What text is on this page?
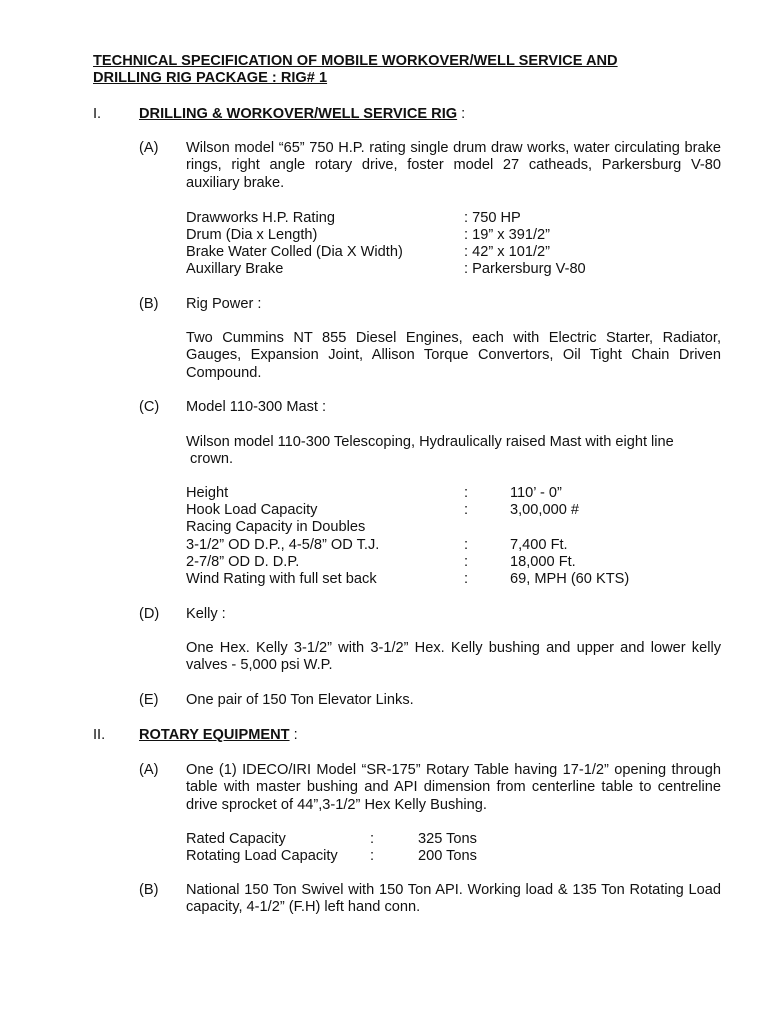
TECHNICAL SPECIFICATION OF MOBILE WORKOVER/WELL SERVICE AND
DRILLING RIG PACKAGE : RIG# 1
I.	DRILLING & WORKOVER/WELL SERVICE RIG :
(A) Wilson model “65” 750 H.P. rating single drum draw works, water circulating brake rings, right angle rotary drive, foster model 27 catheads, Parkersburg V-80 auxiliary brake.
Drawworks H.P. Rating	: 750 HP
Drum (Dia x Length)	: 19” x 391/2”
Brake Water Colled (Dia X Width)	: 42” x 101/2”
Auxillary Brake	: Parkersburg V-80
(B) Rig Power :
Two Cummins NT 855 Diesel Engines, each with Electric Starter, Radiator, Gauges, Expansion Joint, Allison Torque Convertors, Oil Tight Chain Driven Compound.
(C) Model 110-300 Mast :
Wilson model 110-300 Telescoping, Hydraulically raised Mast with eight line
crown.
Height	:	110’ - 0”
Hook Load Capacity	:	3,00,000 #
Racing Capacity in Doubles
3-1/2” OD D.P., 4-5/8” OD T.J.	:	7,400 Ft.
2-7/8” OD D. D.P.	:	18,000 Ft.
Wind Rating with full set back	:	69, MPH (60 KTS)
(D) Kelly :
One Hex. Kelly 3-1/2” with 3-1/2” Hex. Kelly bushing and upper and lower kelly valves - 5,000 psi W.P.
(E) One pair of 150 Ton Elevator Links.
II. ROTARY EQUIPMENT :
(A) One (1) IDECO/IRI Model “SR-175” Rotary Table having 17-1/2” opening through table with master bushing and API dimension from centerline table to centreline drive sprocket of 44”,3-1/2” Hex Kelly Bushing.
Rated Capacity	:	325 Tons
Rotating Load Capacity :	200 Tons
(B) National 150 Ton Swivel with 150 Ton API. Working load & 135 Ton Rotating Load capacity, 4-1/2” (F.H) left hand conn.
